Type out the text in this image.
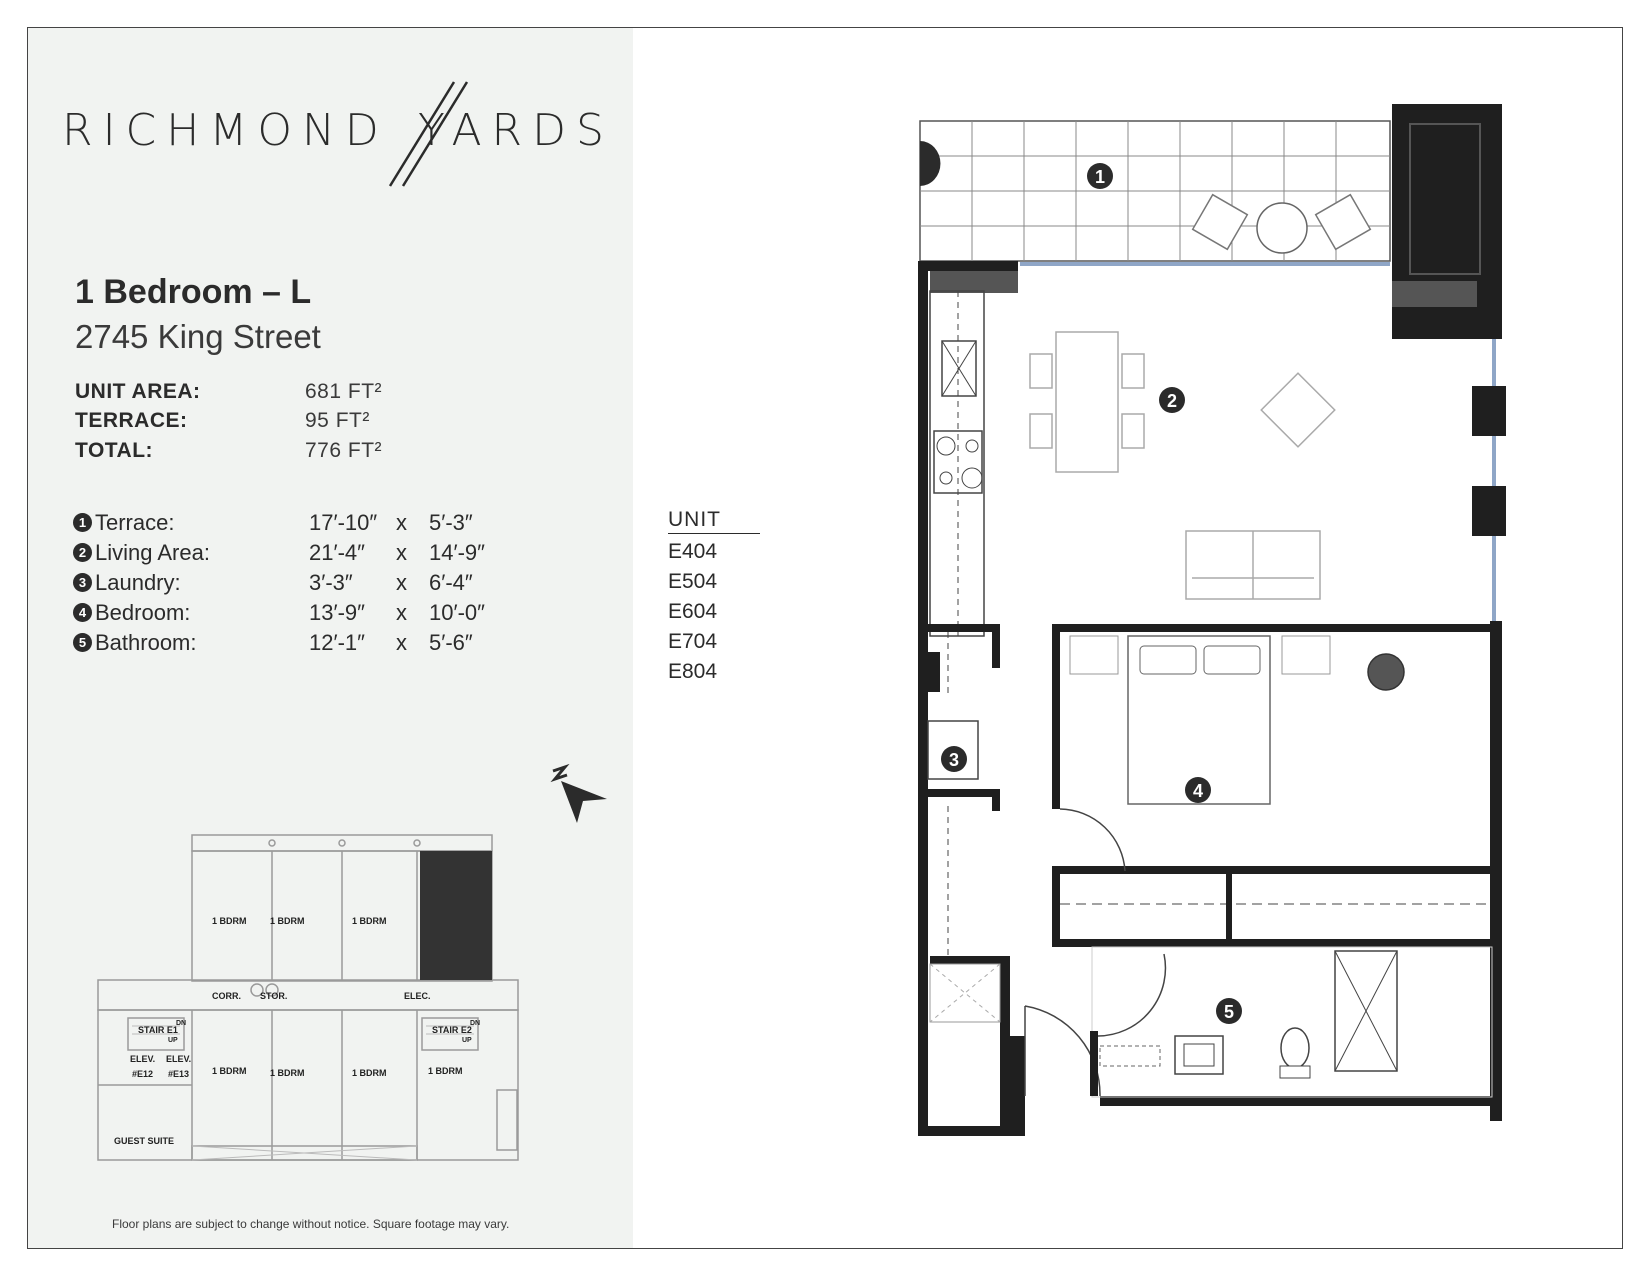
RICHMOND YARDS
1 Bedroom – L
2745 King Street
UNIT AREA:	681 FT²
TERRACE:	95 FT²
TOTAL:	776 FT²
1 Terrace:	17′-10″ x 5′-3″
2 Living Area:	21′-4″ x 14′-9″
3 Laundry:	3′-3″ x 6′-4″
4 Bedroom:	13′-9″ x 10′-0″
5 Bathroom:	12′-1″ x 5′-6″
UNIT
E404
E504
E604
E704
E804
1 BDRM	1 BDRM	1 BDRM
1 BDRM	1 BDRM	1 BDRM	1 BDRM
CORR. STOR.	ELEC.
STAIR E1	STAIR E2
DN
UP
DN
UP
ELEV. ELEV.
#E12 #E13
GUEST SUITE
1
2
3
4
5
Floor plans are subject to change without notice. Square footage may vary.
